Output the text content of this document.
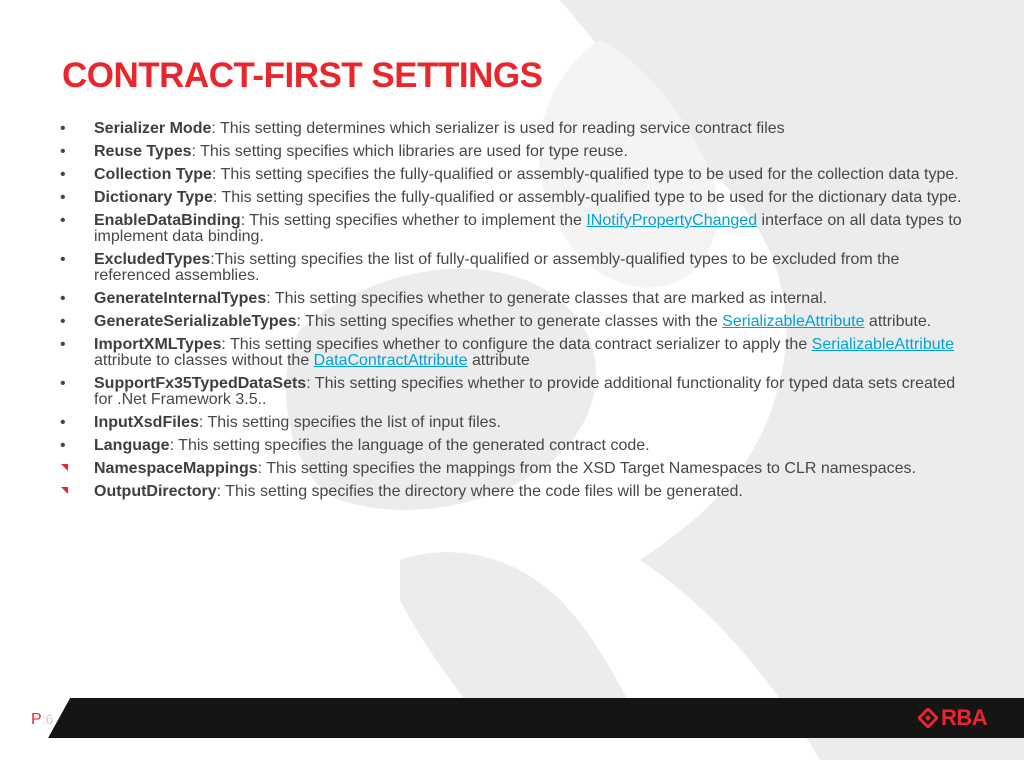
CONTRACT-FIRST SETTINGS
• Serializer Mode: This setting determines which serializer is used for reading service contract files
• Reuse Types: This setting specifies which libraries are used for type reuse.
• Collection Type: This setting specifies the fully-qualified or assembly-qualified type to be used for the collection data type.
• Dictionary Type: This setting specifies the fully-qualified or assembly-qualified type to be used for the dictionary data type.
• EnableDataBinding: This setting specifies whether to implement the INotifyPropertyChanged interface on all data types to implement data binding.
• ExcludedTypes:This setting specifies the list of fully-qualified or assembly-qualified types to be excluded from the referenced assemblies.
• GenerateInternalTypes: This setting specifies whether to generate classes that are marked as internal.
• GenerateSerializableTypes: This setting specifies whether to generate classes with the SerializableAttribute attribute.
• ImportXMLTypes: This setting specifies whether to configure the data contract serializer to apply the SerializableAttribute attribute to classes without the DataContractAttribute attribute
• SupportFx35TypedDataSets: This setting specifies whether to provide additional functionality for typed data sets created for .Net Framework 3.5..
• InputXsdFiles: This setting specifies the list of input files.
• Language: This setting specifies the language of the generated contract code.
NamespaceMappings: This setting specifies the mappings from the XSD Target Namespaces to CLR namespaces.
OutputDirectory: This setting specifies the directory where the code files will be generated.
P:6	RBA
